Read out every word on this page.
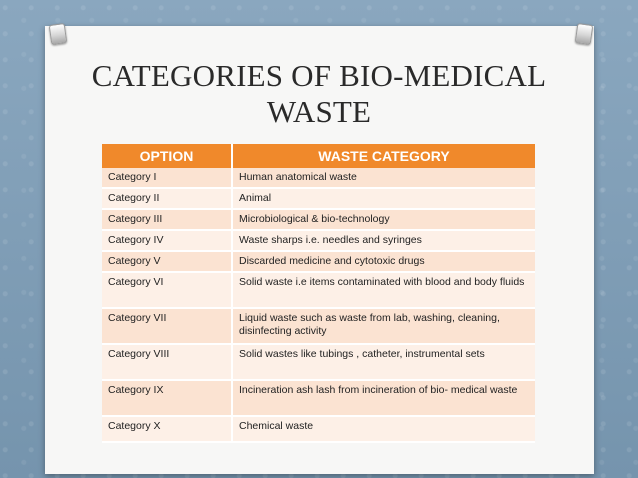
CATEGORIES OF BIO-MEDICAL
WASTE
OPTION	WASTE CATEGORY
Category I	Human anatomical waste
Category II	Animal
Category III	Microbiological & bio-technology
Category IV	Waste sharps i.e. needles and syringes
Category V	Discarded medicine and cytotoxic drugs
Category VI	Solid waste i.e items contaminated with blood and body fluids
Category VII	Liquid waste such as waste from lab, washing, cleaning, disinfecting activity
Category VIII	Solid wastes like tubings , catheter, instrumental sets
Category IX	Incineration ash lash from incineration of bio- medical waste
Category X	Chemical waste
